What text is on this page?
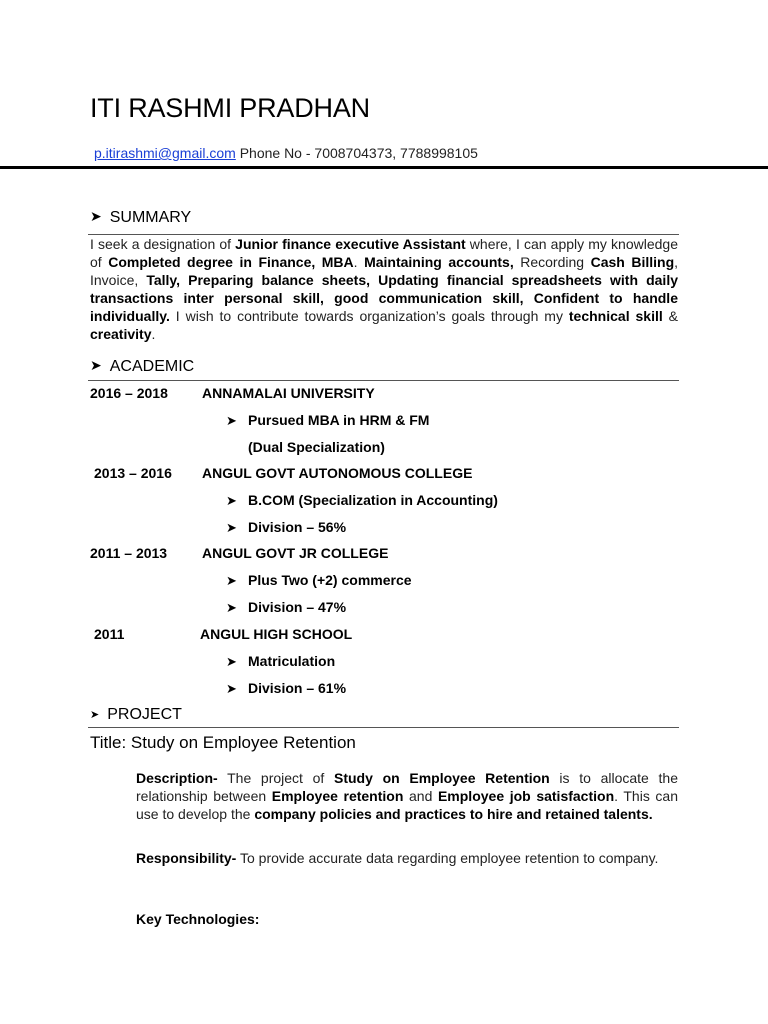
ITI RASHMI PRADHAN
p.itirashmi@gmail.com Phone No - 7008704373, 7788998105
➤ SUMMARY
I seek a designation of Junior finance executive Assistant where, I can apply my knowledge of Completed degree in Finance, MBA. Maintaining accounts, Recording Cash Billing, Invoice, Tally, Preparing balance sheets, Updating financial spreadsheets with daily transactions inter personal skill, good communication skill, Confident to handle individually. I wish to contribute towards organization’s goals through my technical skill & creativity.
➤ ACADEMIC
2016 – 2018 ANNAMALAI UNIVERSITY
➤ Pursued MBA in HRM & FM
(Dual Specialization)
2013 – 2016 ANGUL GOVT AUTONOMOUS COLLEGE
➤ B.COM (Specialization in Accounting)
➤ Division – 56%
2011 – 2013 ANGUL GOVT JR COLLEGE
➤ Plus Two (+2) commerce
➤ Division – 47%
2011	ANGUL HIGH SCHOOL
➤ Matriculation
➤ Division – 61%
➤ PROJECT
Title: Study on Employee Retention
Description- The project of Study on Employee Retention is to allocate the relationship between Employee retention and Employee job satisfaction. This can use to develop the company policies and practices to hire and retained talents.
Responsibility- To provide accurate data regarding employee retention to company.
Key Technologies:
